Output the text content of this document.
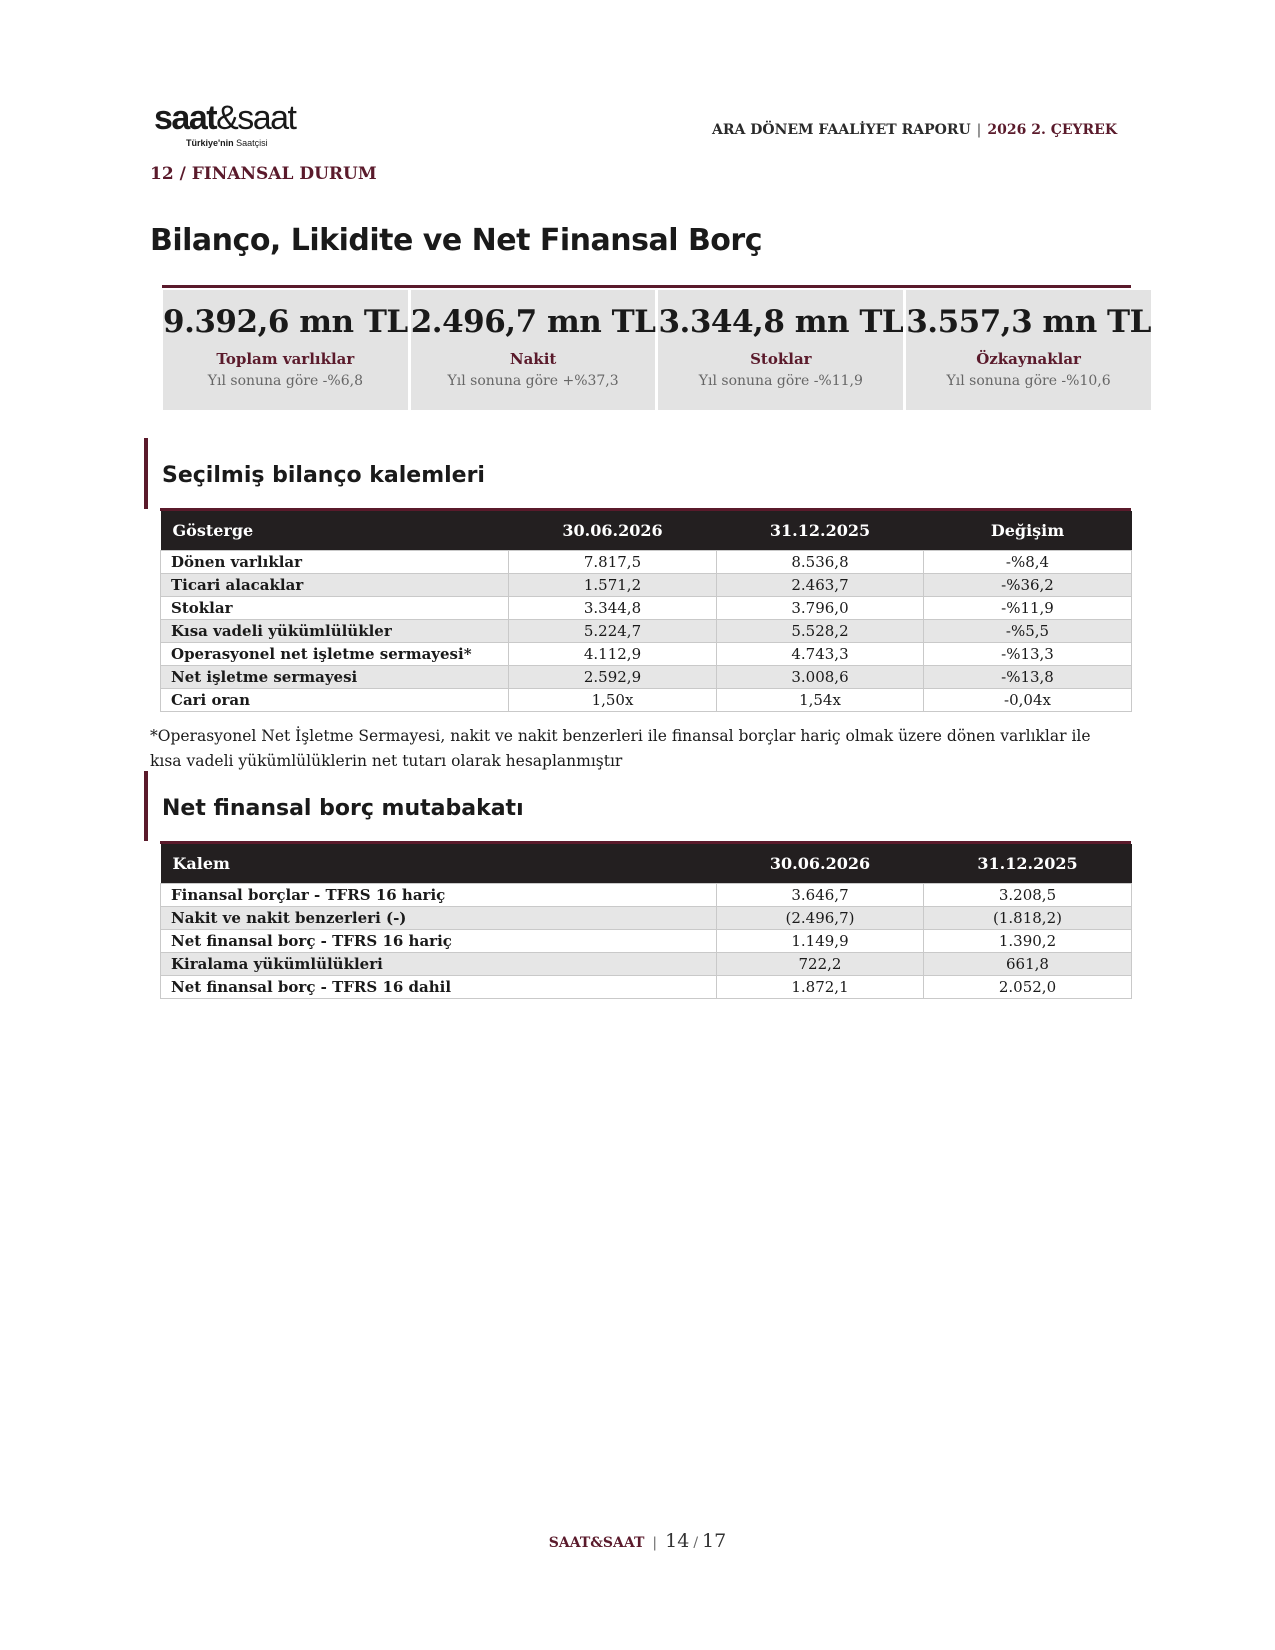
saat&saat
Türkiye'nin Saatçisi
12 / FINANSAL DURUM
ARA DÖNEM FAALİYET RAPORU | 2026 2. ÇEYREK
Bilanço, Likidite ve Net Finansal Borç
9.392,6 mn TL
Toplam varlıklar
Yıl sonuna göre -%6,8
2.496,7 mn TL
Nakit
Yıl sonuna göre +%37,3
3.344,8 mn TL
Stoklar
Yıl sonuna göre -%11,9
3.557,3 mn TL
Özkaynaklar
Yıl sonuna göre -%10,6
Seçilmiş bilanço kalemleri
Gösterge	30.06.2026	31.12.2025	Değişim
Dönen varlıklar	7.817,5	8.536,8	-%8,4
Ticari alacaklar	1.571,2	2.463,7	-%36,2
Stoklar	3.344,8	3.796,0	-%11,9
Kısa vadeli yükümlülükler	5.224,7	5.528,2	-%5,5
Operasyonel net işletme sermayesi*	4.112,9	4.743,3	-%13,3
Net işletme sermayesi	2.592,9	3.008,6	-%13,8
Cari oran	1,50x	1,54x	-0,04x
*Operasyonel Net İşletme Sermayesi, nakit ve nakit benzerleri ile finansal borçlar hariç olmak üzere dönen varlıklar ile kısa vadeli yükümlülüklerin net tutarı olarak hesaplanmıştır
Net finansal borç mutabakatı
Kalem	30.06.2026	31.12.2025
Finansal borçlar - TFRS 16 hariç	3.646,7	3.208,5
Nakit ve nakit benzerleri (-)	(2.496,7)	(1.818,2)
Net finansal borç - TFRS 16 hariç	1.149,9	1.390,2
Kiralama yükümlülükleri	722,2	661,8
Net finansal borç - TFRS 16 dahil	1.872,1	2.052,0
SAAT&SAAT | 14 / 17
